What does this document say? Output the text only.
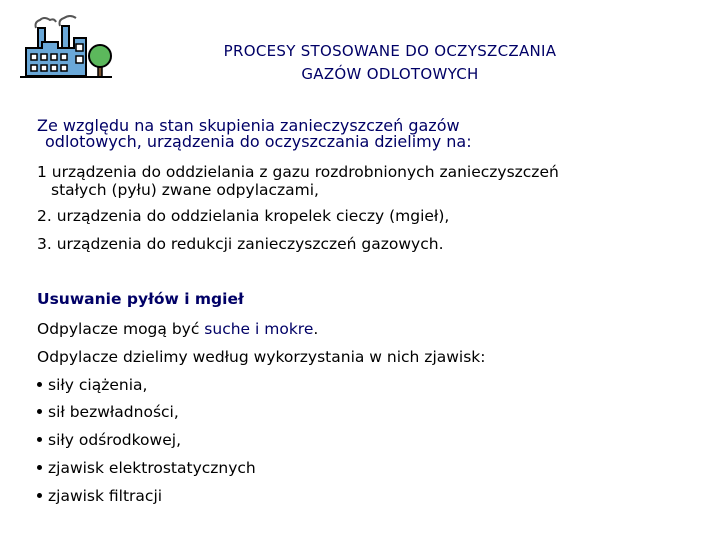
PROCESY STOSOWANE DO OCZYSZCZANIA
GAZÓW ODLOTOWYCH
Ze względu na stan skupienia zanieczyszczeń gazów
odlotowych, urządzenia do oczyszczania dzielimy na:
1 urządzenia do oddzielania z gazu rozdrobnionych zanieczyszczeń
stałych (pyłu) zwane odpylaczami,
2. urządzenia do oddzielania kropelek cieczy (mgieł),
3. urządzenia do redukcji zanieczyszczeń gazowych.
Usuwanie pyłów i mgieł
Odpylacze mogą być suche i mokre.
Odpylacze dzielimy według wykorzystania w nich zjawisk:
siły ciążenia,
sił bezwładności,
siły odśrodkowej,
zjawisk elektrostatycznych
zjawisk filtracji
